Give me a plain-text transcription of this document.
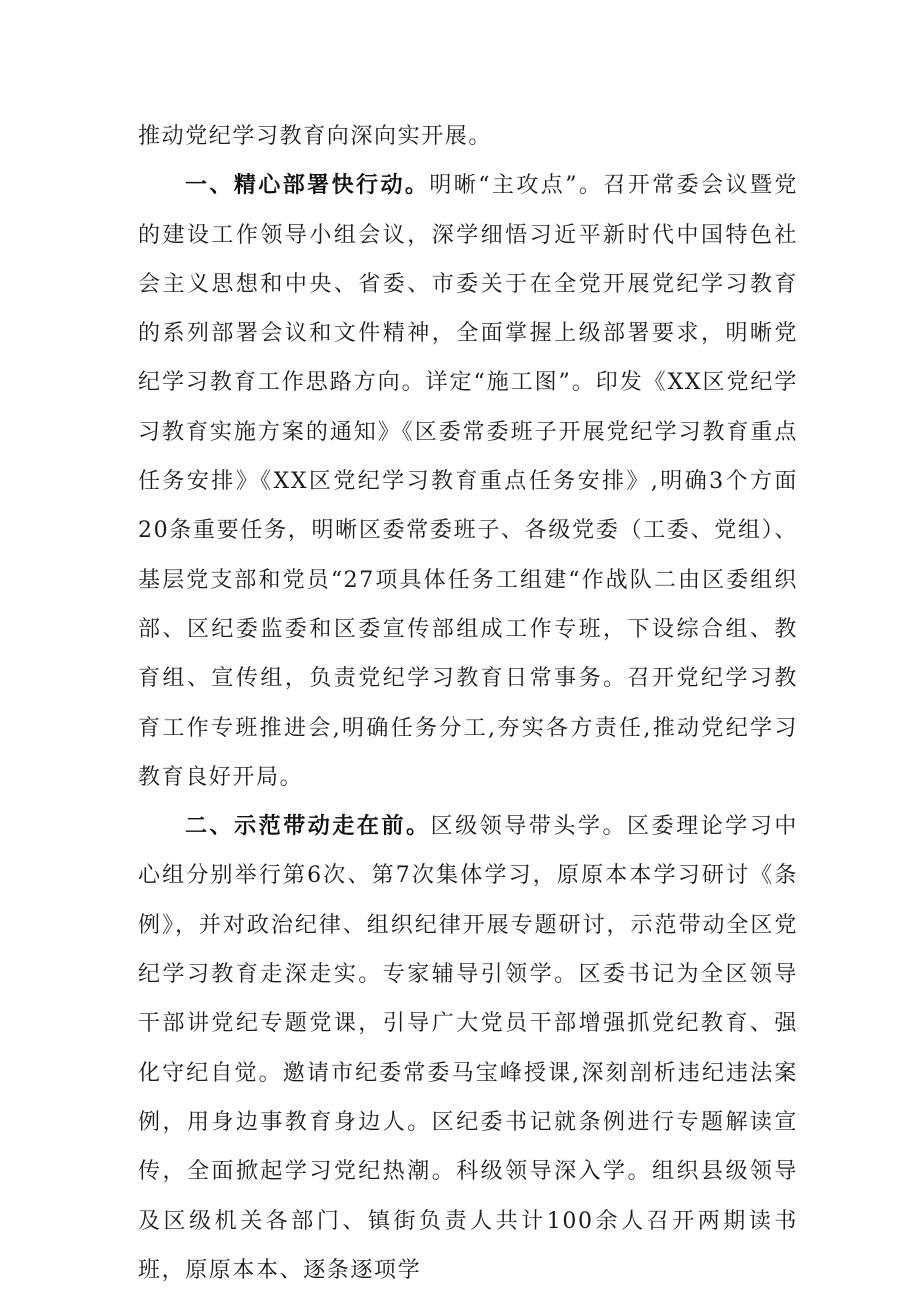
推动党纪学习教育向深向实开展。

一、精心部署快行动。明晰“主攻点”。召开常委会议暨党的建设工作领导小组会议，深学细悟习近平新时代中国特色社会主义思想和中央、省委、市委关于在全党开展党纪学习教育的系列部署会议和文件精神，全面掌握上级部署要求，明晰党纪学习教育工作思路方向。详定“施工图”。印发《XX区党纪学习教育实施方案的通知》《区委常委班子开展党纪学习教育重点任务安排》《XX区党纪学习教育重点任务安排》,明确3个方面20条重要任务，明晰区委常委班子、各级党委（工委、党组）、基层党支部和党员“27项具体任务工组建“作战队二由区委组织部、区纪委监委和区委宣传部组成工作专班，下设综合组、教育组、宣传组，负责党纪学习教育日常事务。召开党纪学习教育工作专班推进会,明确任务分工,夯实各方责任,推动党纪学习教育良好开局。

二、示范带动走在前。区级领导带头学。区委理论学习中心组分别举行第6次、第7次集体学习，原原本本学习研讨《条例》，并对政治纪律、组织纪律开展专题研讨，示范带动全区党纪学习教育走深走实。专家辅导引领学。区委书记为全区领导干部讲党纪专题党课，引导广大党员干部增强抓党纪教育、强化守纪自觉。邀请市纪委常委马宝峰授课,深刻剖析违纪违法案例，用身边事教育身边人。区纪委书记就条例进行专题解读宣传，全面掀起学习党纪热潮。科级领导深入学。组织县级领导及区级机关各部门、镇街负责人共计100余人召开两期读书班，原原本本、逐条逐项学
